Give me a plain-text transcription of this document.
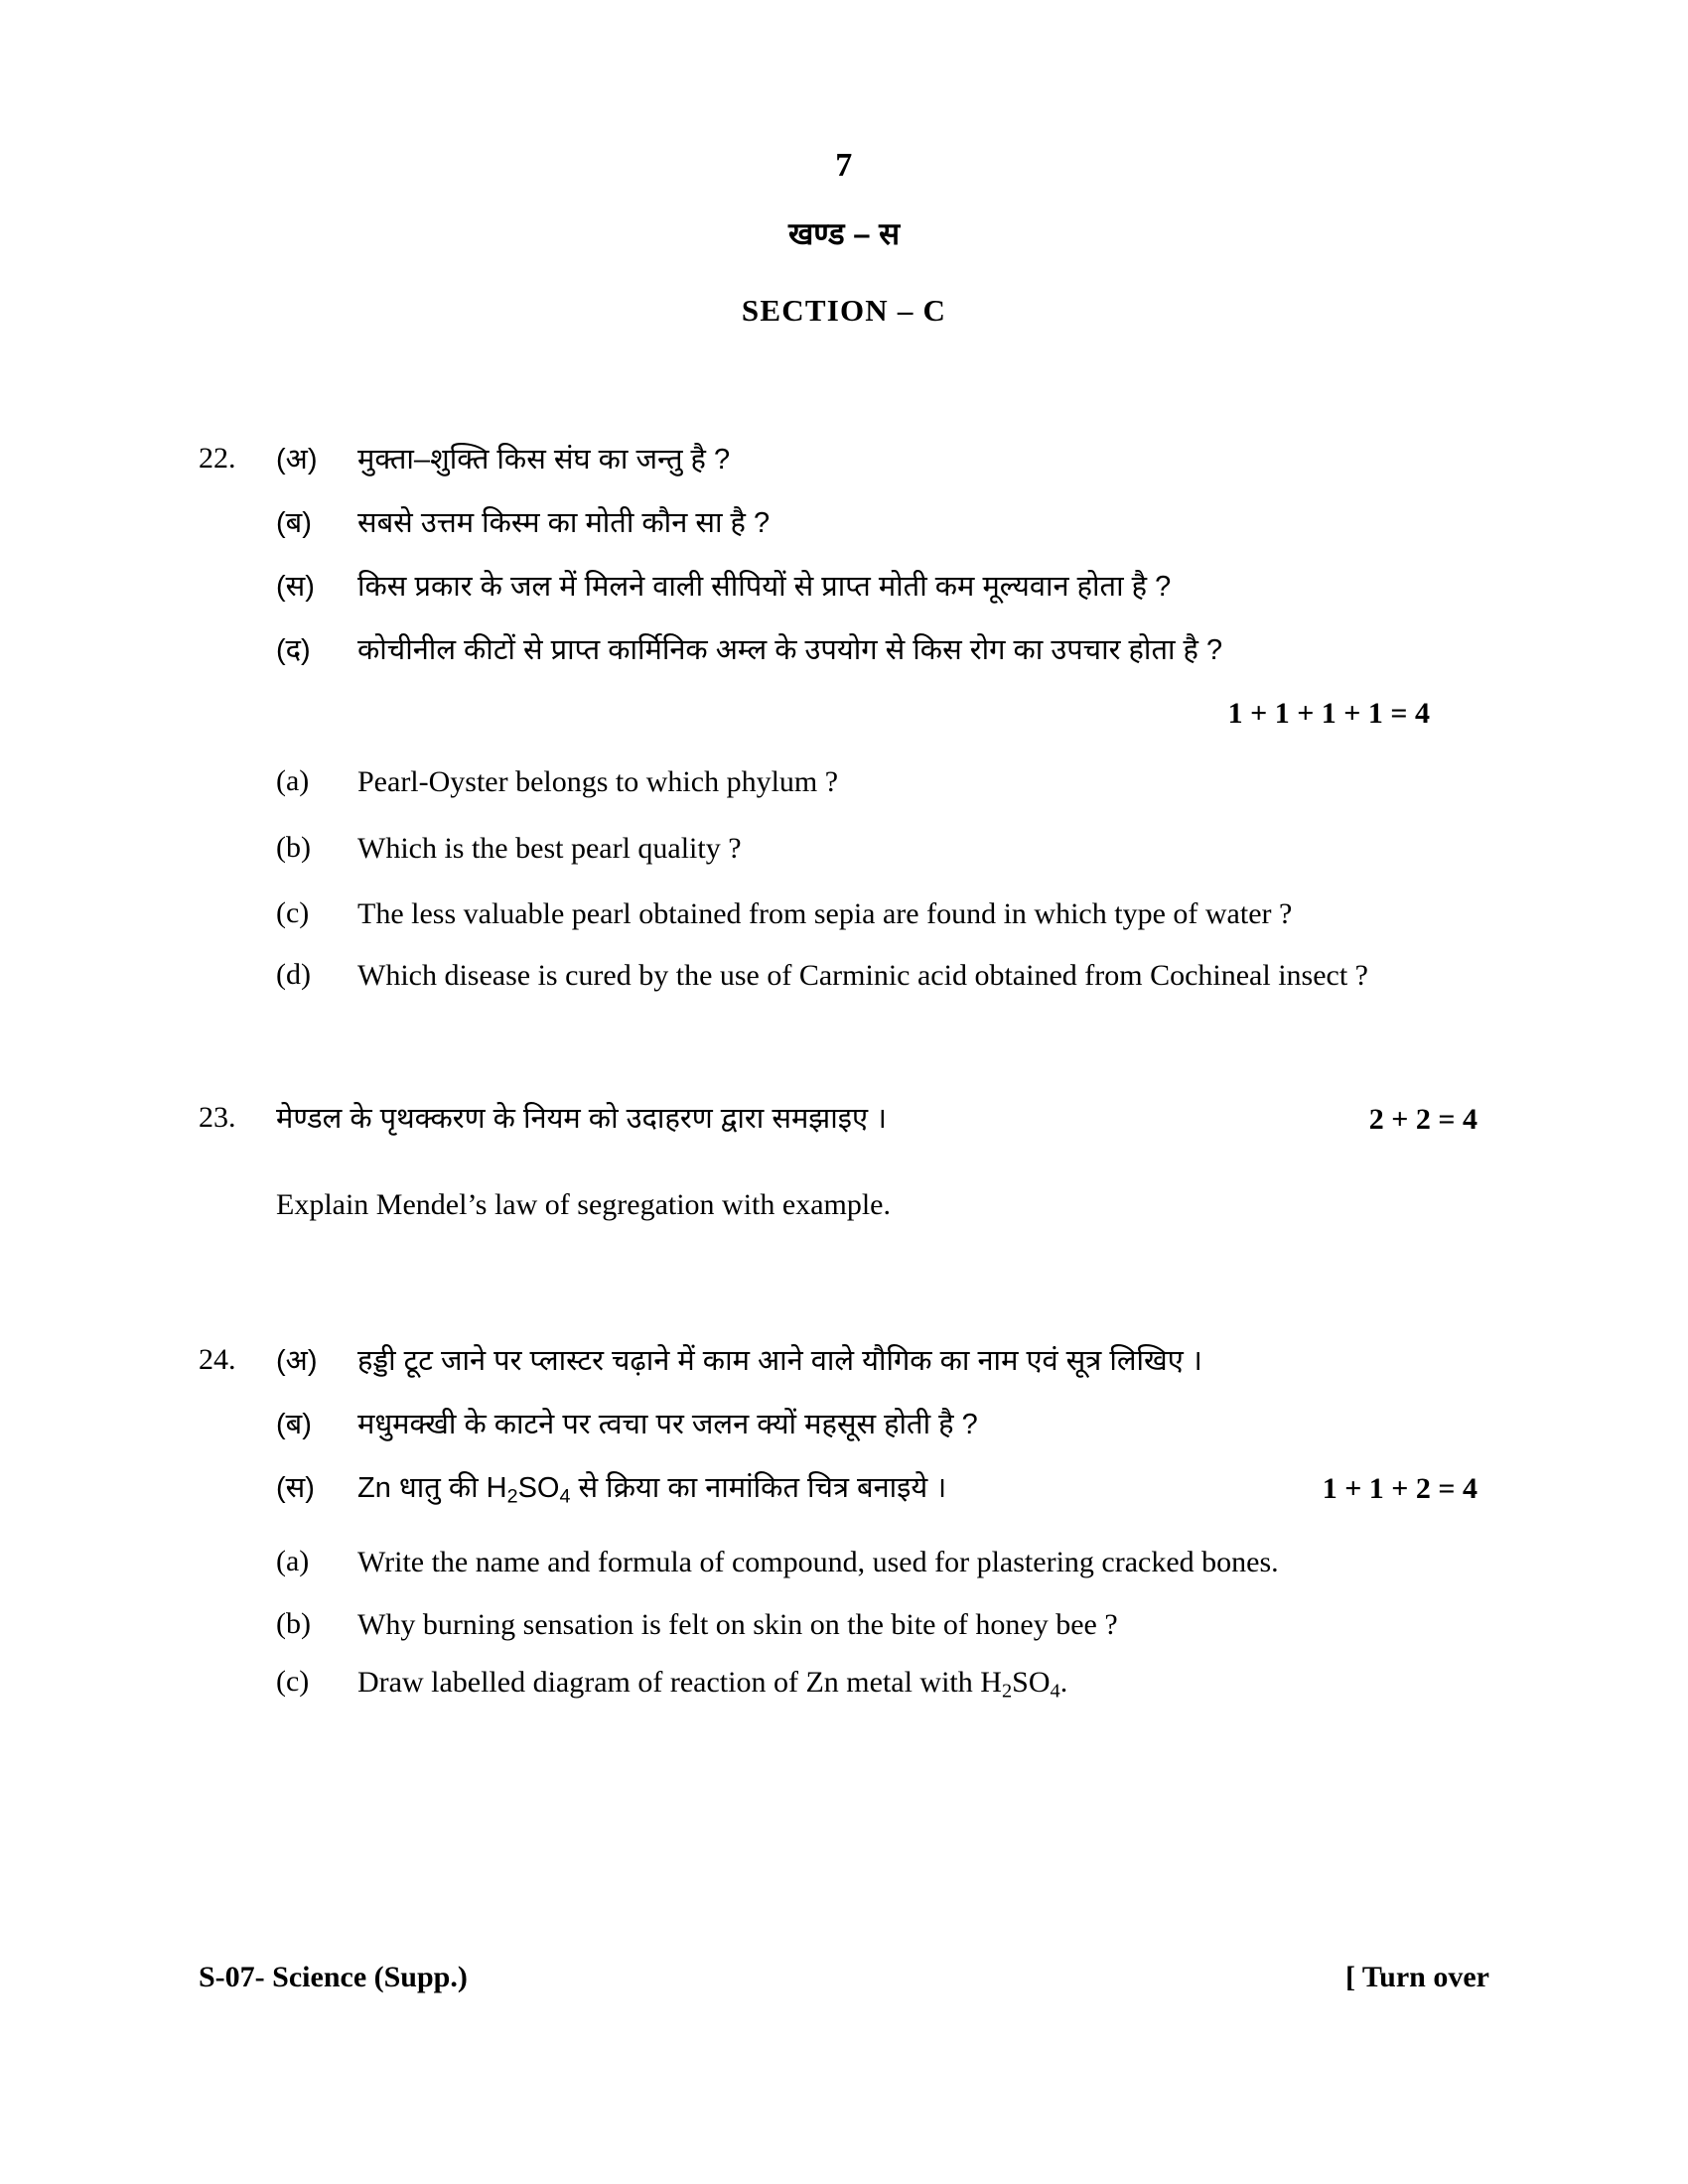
7
खण्ड – स
SECTION – C
22.	(अ)	मुक्ता–शुक्ति किस संघ का जन्तु है ?
(ब)	सबसे उत्तम किस्म का मोती कौन सा है ?
(स)	किस प्रकार के जल में मिलने वाली सीपियों से प्राप्त मोती कम मूल्यवान होता है ?
(द)	कोचीनील कीटों से प्राप्त कार्मिनिक अम्ल के उपयोग से किस रोग का उपचार होता है ?
1 + 1 + 1 + 1 = 4
(a)	Pearl-Oyster belongs to which phylum ?
(b)	Which is the best pearl quality ?
(c)	The less valuable pearl obtained from sepia are found in which type of water ?
(d)	Which disease is cured by the use of Carminic acid obtained from Cochineal insect ?
23.	मेण्डल के पृथक्करण के नियम को उदाहरण द्वारा समझाइए ।	2 + 2 = 4
Explain Mendel’s law of segregation with example.
24.	(अ)	हड्डी टूट जाने पर प्लास्टर चढ़ाने में काम आने वाले यौगिक का नाम एवं सूत्र लिखिए ।
(ब)	मधुमक्खी के काटने पर त्वचा पर जलन क्यों महसूस होती है ?
(स)	Zn धातु की $H_2SO_4$ से क्रिया का नामांकित चित्र बनाइये ।	1 + 1 + 2 = 4
(a)	Write the name and formula of compound, used for plastering cracked bones.
(b)	Why burning sensation is felt on skin on the bite of honey bee ?
(c)	Draw labelled diagram of reaction of Zn metal with $H_2SO_4$.
S-07- Science (Supp.)	[ Turn over
